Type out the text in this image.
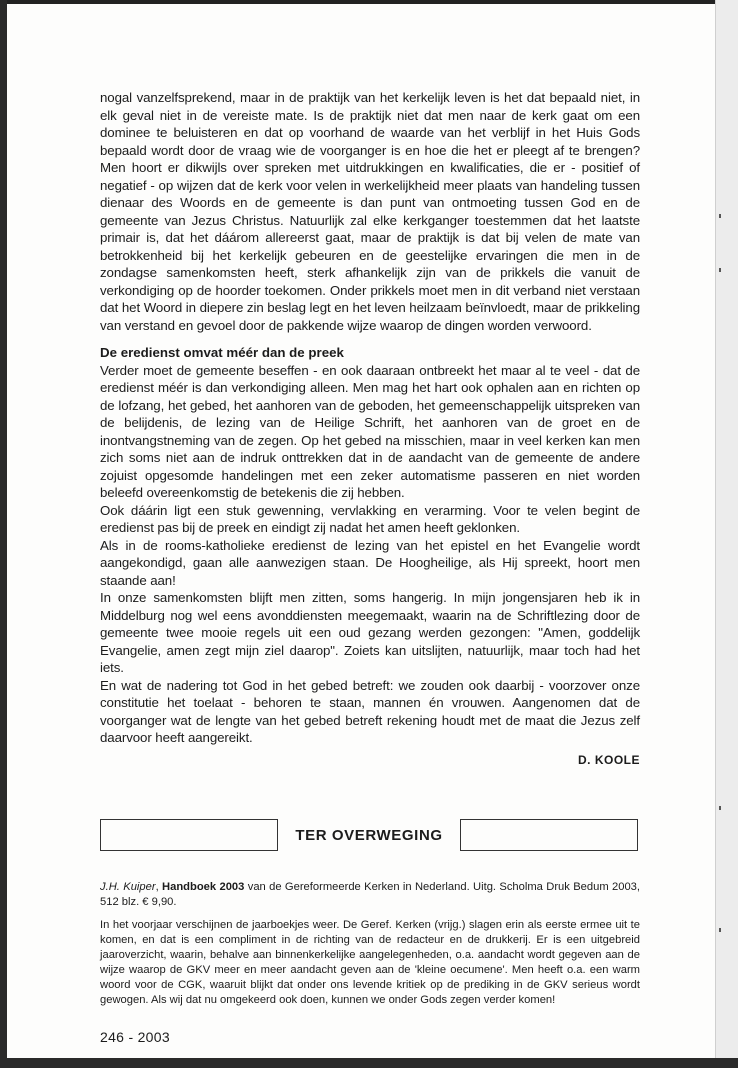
nogal vanzelfsprekend, maar in de praktijk van het kerkelijk leven is het dat bepaald niet, in elk geval niet in de vereiste mate. Is de praktijk niet dat men naar de kerk gaat om een dominee te beluisteren en dat op voorhand de waarde van het verblijf in het Huis Gods bepaald wordt door de vraag wie de voorganger is en hoe die het er pleegt af te brengen? Men hoort er dikwijls over spreken met uitdrukkingen en kwalificaties, die er - positief of negatief - op wijzen dat de kerk voor velen in werkelijkheid meer plaats van handeling tussen dienaar des Woords en de gemeente is dan punt van ontmoeting tussen God en de gemeente van Jezus Christus. Natuurlijk zal elke kerkganger toestemmen dat het laatste primair is, dat het dáárom allereerst gaat, maar de praktijk is dat bij velen de mate van betrokkenheid bij het kerkelijk gebeuren en de geestelijke ervaringen die men in de zondagse samenkomsten heeft, sterk afhankelijk zijn van de prikkels die vanuit de verkondiging op de hoorder toekomen. Onder prikkels moet men in dit verband niet verstaan dat het Woord in diepere zin beslag legt en het leven heilzaam beïnvloedt, maar de prikkeling van verstand en gevoel door de pakkende wijze waarop de dingen worden verwoord.

De eredienst omvat méér dan de preek

Verder moet de gemeente beseffen - en ook daaraan ontbreekt het maar al te veel - dat de eredienst méér is dan verkondiging alleen. Men mag het hart ook ophalen aan en richten op de lofzang, het gebed, het aanhoren van de geboden, het gemeenschappelijk uitspreken van de belijdenis, de lezing van de Heilige Schrift, het aanhoren van de groet en de inontvangstneming van de zegen. Op het gebed na misschien, maar in veel kerken kan men zich soms niet aan de indruk onttrekken dat in de aandacht van de gemeente de andere zojuist opgesomde handelingen met een zeker automatisme passeren en niet worden beleefd overeenkomstig de betekenis die zij hebben.

Ook dáárin ligt een stuk gewenning, vervlakking en verarming. Voor te velen begint de eredienst pas bij de preek en eindigt zij nadat het amen heeft geklonken.

Als in de rooms-katholieke eredienst de lezing van het epistel en het Evangelie wordt aangekondigd, gaan alle aanwezigen staan. De Hoogheilige, als Hij spreekt, hoort men staande aan!

In onze samenkomsten blijft men zitten, soms hangerig. In mijn jongensjaren heb ik in Middelburg nog wel eens avonddiensten meegemaakt, waarin na de Schriftlezing door de gemeente twee mooie regels uit een oud gezang werden gezongen: "Amen, goddelijk Evangelie, amen zegt mijn ziel daarop". Zoiets kan uitslijten, natuurlijk, maar toch had het iets.

En wat de nadering tot God in het gebed betreft: we zouden ook daarbij - voorzover onze constitutie het toelaat - behoren te staan, mannen én vrouwen. Aangenomen dat de voorganger wat de lengte van het gebed betreft rekening houdt met de maat die Jezus zelf daarvoor heeft aangereikt.

D. KOOLE

TER OVERWEGING

J.H. Kuiper, Handboek 2003 van de Gereformeerde Kerken in Nederland. Uitg. Scholma Druk Bedum 2003, 512 blz. € 9,90.

In het voorjaar verschijnen de jaarboekjes weer. De Geref. Kerken (vrijg.) slagen erin als eerste ermee uit te komen, en dat is een compliment in de richting van de redacteur en de drukkerij. Er is een uitgebreid jaaroverzicht, waarin, behalve aan binnenkerkelijke aangelegenheden, o.a. aandacht wordt gegeven aan de wijze waarop de GKV meer en meer aandacht geven aan de 'kleine oecumene'. Men heeft o.a. een warm woord voor de CGK, waaruit blijkt dat onder ons levende kritiek op de prediking in de GKV serieus wordt gewogen. Als wij dat nu omgekeerd ook doen, kunnen we onder Gods zegen verder komen!

246 - 2003
